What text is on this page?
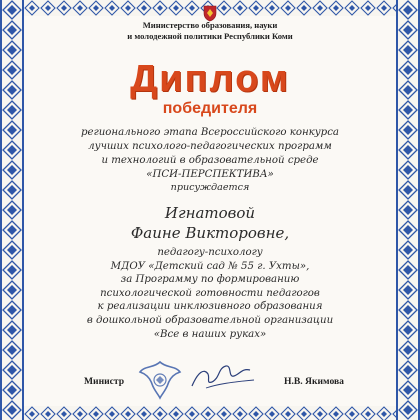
Министерство образования, науки
и молодежной политики Республики Коми
Диплом
победителя
регионального этапа Всероссийского конкурса
лучших психолого-педагогических программ
и технологий в образовательной среде
«ПСИ-ПЕРСПЕКТИВА»
присуждается
Игнатовой
Фаине Викторовне,
педагогу-психологу
МДОУ «Детский сад № 55 г. Ухты»,
за Программу по формированию
психологической готовности педагогов
к реализации инклюзивного образования
в дошкольной образовательной организации
«Все в наших руках»
Министр	Н.В. Якимова
